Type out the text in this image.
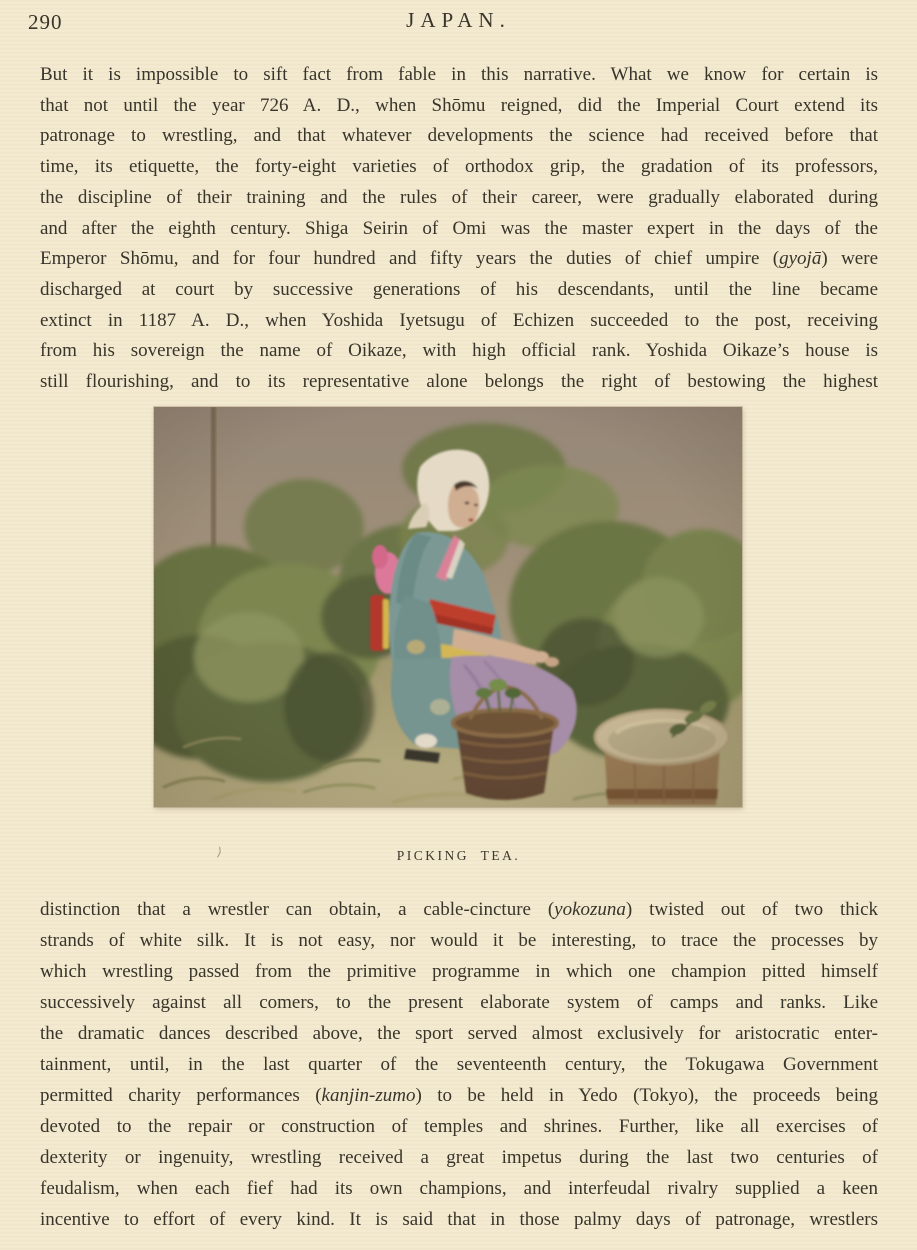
290	JAPAN.
But it is impossible to sift fact from fable in this narrative. What we know for certain is
that not until the year 726 A. D., when Shōmu reigned, did the Imperial Court extend its
patronage to wrestling, and that whatever developments the science had received before that
time, its etiquette, the forty-eight varieties of orthodox grip, the gradation of its professors,
the discipline of their training and the rules of their career, were gradually elaborated during
and after the eighth century. Shiga Seirin of Omi was the master expert in the days of the
Emperor Shōmu, and for four hundred and fifty years the duties of chief umpire (gyojā) were
discharged at court by successive generations of his descendants, until the line became
extinct in 1187 A. D., when Yoshida Iyetsugu of Echizen succeeded to the post, receiving
from his sovereign the name of Oikaze, with high official rank. Yoshida Oikaze’s house is
still flourishing, and to its representative alone belongs the right of bestowing the highest
⟩	PICKING TEA.
distinction that a wrestler can obtain, a cable-cincture (yokozuna) twisted out of two thick
strands of white silk. It is not easy, nor would it be interesting, to trace the processes by
which wrestling passed from the primitive programme in which one champion pitted himself
successively against all comers, to the present elaborate system of camps and ranks. Like
the dramatic dances described above, the sport served almost exclusively for aristocratic enter-
tainment, until, in the last quarter of the seventeenth century, the Tokugawa Government
permitted charity performances (kanjin-zumo) to be held in Yedo (Tokyo), the proceeds being
devoted to the repair or construction of temples and shrines. Further, like all exercises of
dexterity or ingenuity, wrestling received a great impetus during the last two centuries of
feudalism, when each fief had its own champions, and interfeudal rivalry supplied a keen
incentive to effort of every kind. It is said that in those palmy days of patronage, wrestlers
